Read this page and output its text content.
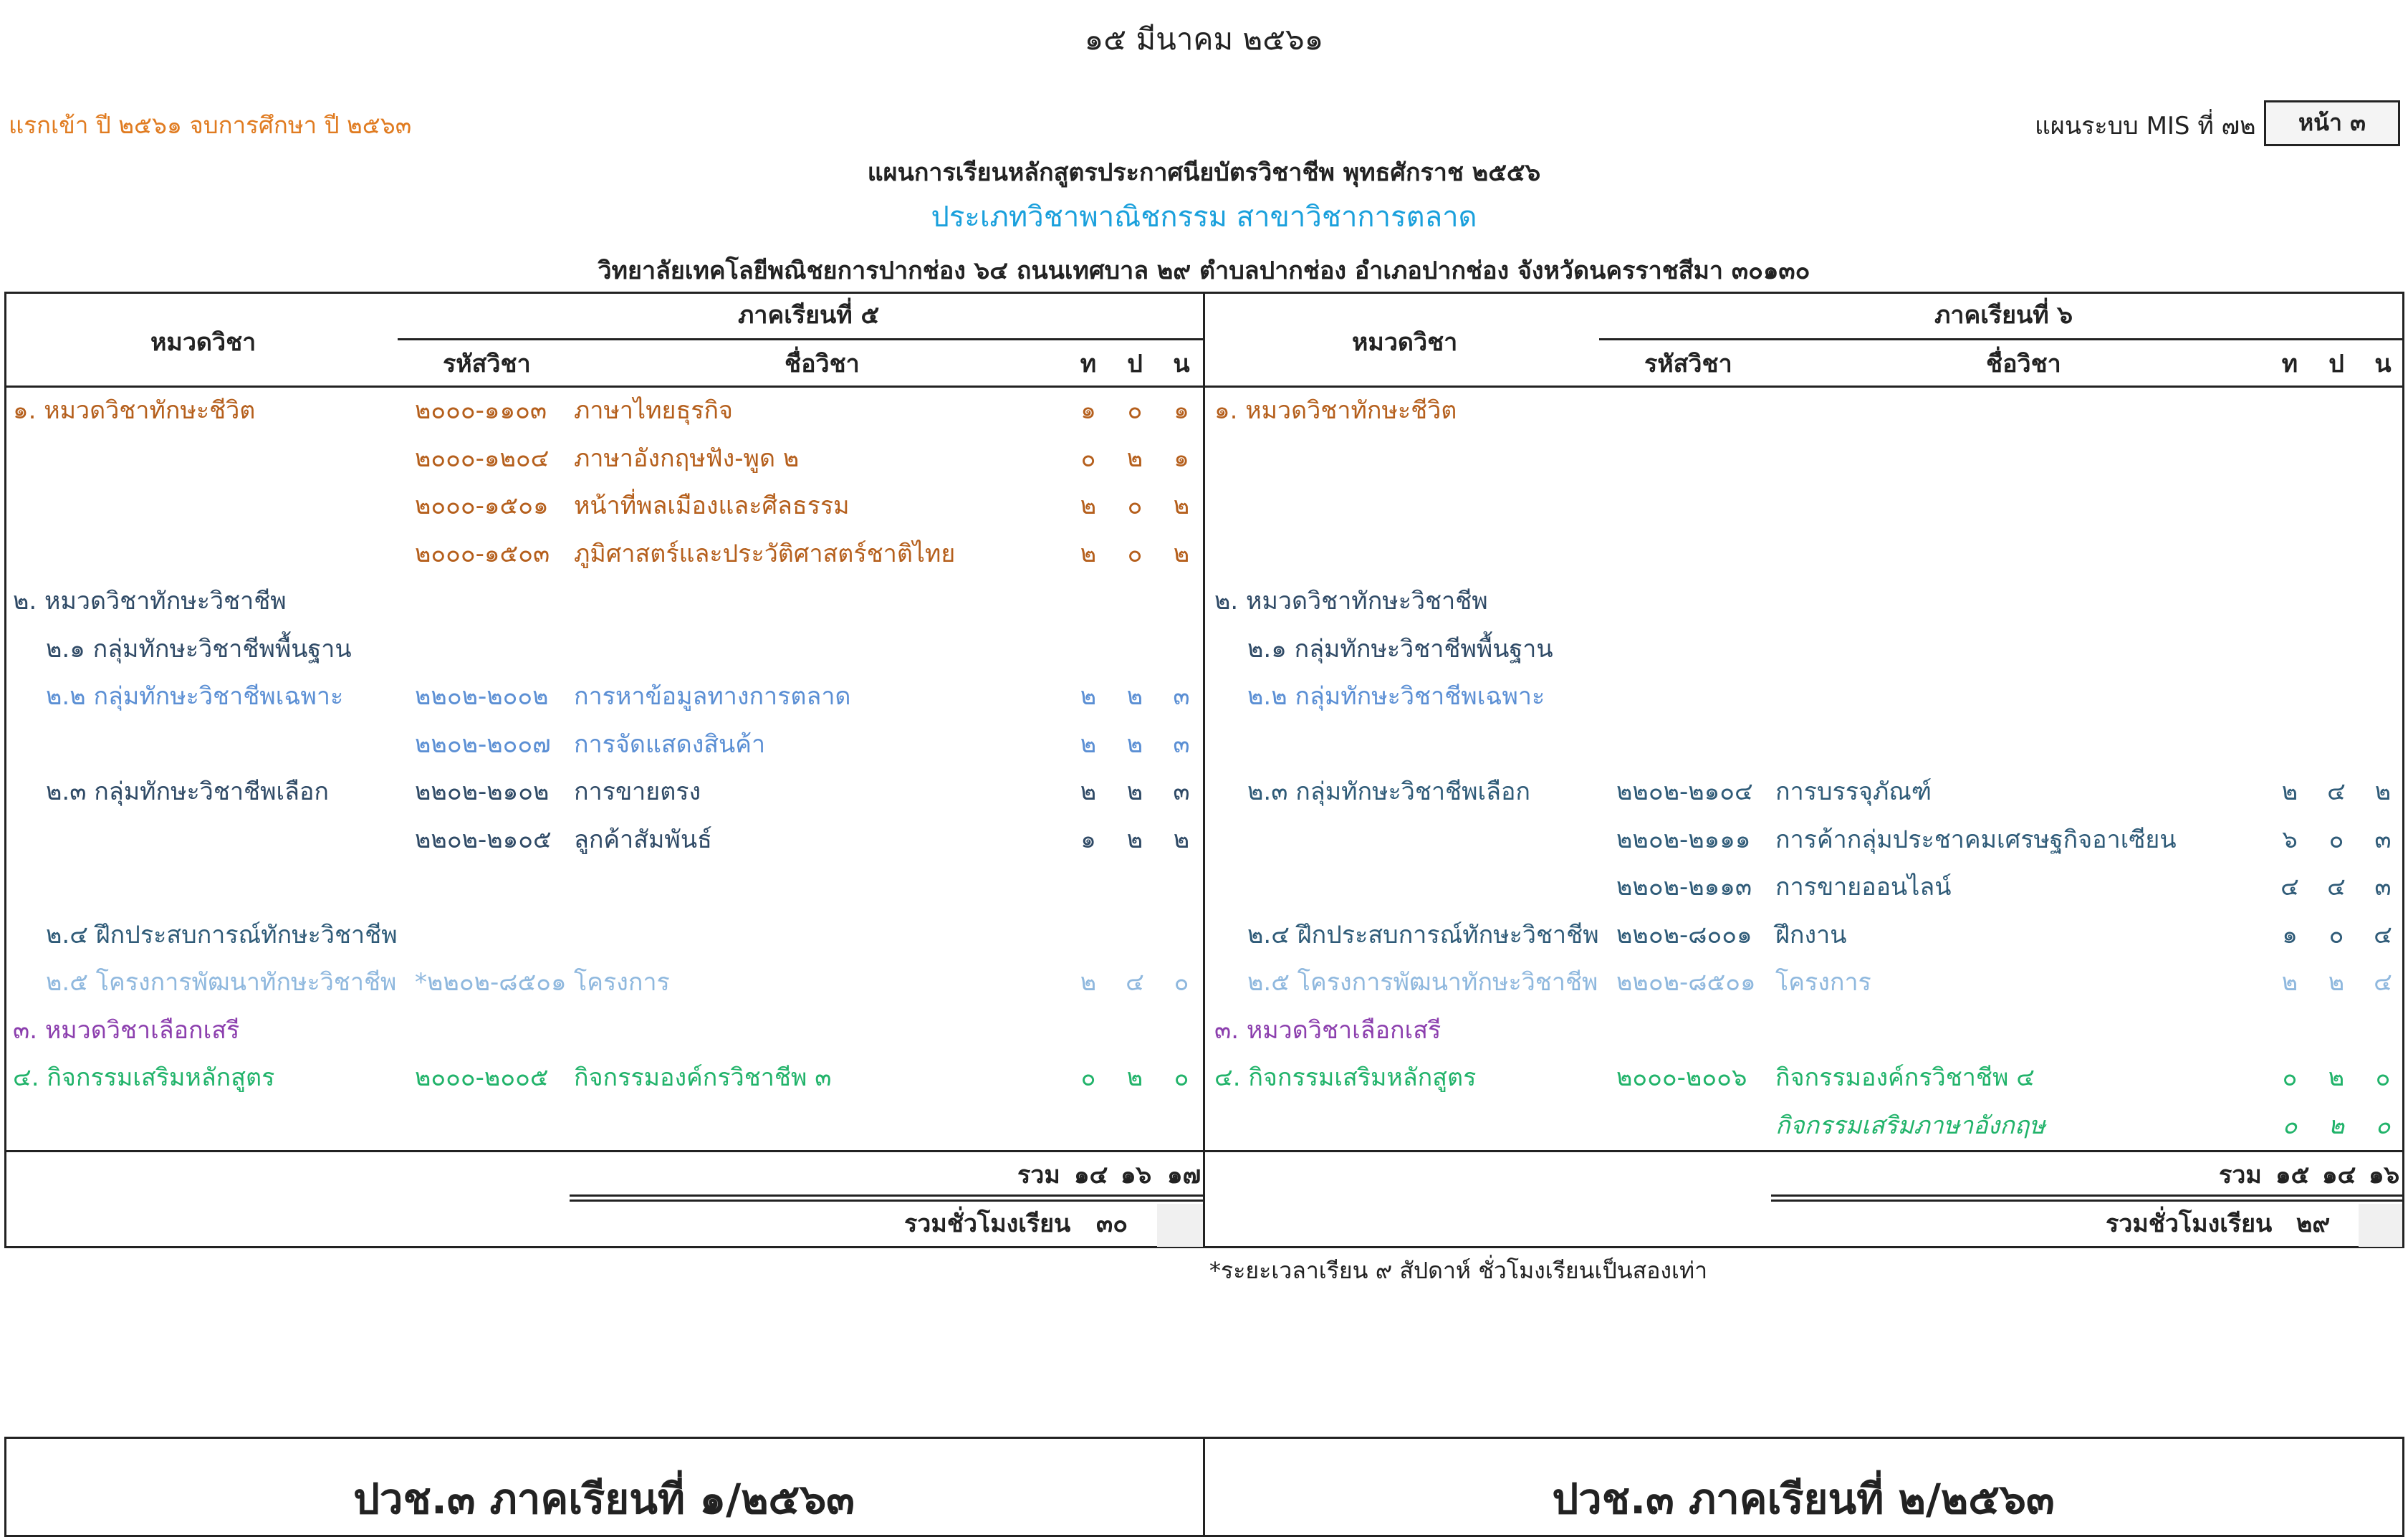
๑๕ มีนาคม ๒๕๖๑
แรกเข้า ปี ๒๕๖๑ จบการศึกษา ปี ๒๕๖๓	แผนระบบ MIS ที่ ๗๒	หน้า ๓
แผนการเรียนหลักสูตรประกาศนียบัตรวิชาชีพ พุทธศักราช ๒๕๕๖
ประเภทวิชาพาณิชกรรม สาขาวิชาการตลาด
วิทยาลัยเทคโลยีพณิชยการปากช่อง ๖๔ ถนนเทศบาล ๒๙ ตำบลปากช่อง อำเภอปากช่อง จังหวัดนครราชสีมา ๓๐๑๓๐
หมวดวิชา
ภาคเรียนที่ ๕
รหัสวิชา	ชื่อวิชา	ท ป น
หมวดวิชา
ภาคเรียนที่ ๖
รหัสวิชา	ชื่อวิชา	ท ป น
๑. หมวดวิชาทักษะชีวิต	๒๐๐๐-๑๑๐๓ ภาษาไทยธุรกิจ	๑ ๐ ๑
๒๐๐๐-๑๒๐๔ ภาษาอังกฤษฟัง-พูด ๒	๐ ๒ ๑
๒๐๐๐-๑๕๐๑ หน้าที่พลเมืองและศีลธรรม	๒ ๐ ๒
๒๐๐๐-๑๕๐๓ ภูมิศาสตร์และประวัติศาสตร์ชาติไทย	๒ ๐ ๒
๒. หมวดวิชาทักษะวิชาชีพ
๒.๑ กลุ่มทักษะวิชาชีพพื้นฐาน
๒.๒ กลุ่มทักษะวิชาชีพเฉพาะ	๒๒๐๒-๒๐๐๒ การหาข้อมูลทางการตลาด	๒ ๒ ๓
๒๒๐๒-๒๐๐๗ การจัดแสดงสินค้า	๒ ๒ ๓
๒.๓ กลุ่มทักษะวิชาชีพเลือก	๒๒๐๒-๒๑๐๒ การขายตรง	๒ ๒ ๓
๒๒๐๒-๒๑๐๕ ลูกค้าสัมพันธ์	๑ ๒ ๒
๒.๔ ฝึกประสบการณ์ทักษะวิชาชีพ
๒.๕ โครงการพัฒนาทักษะวิชาชีพ *๒๒๐๒-๘๕๐๑ โครงการ	๒ ๔ ๐
๓. หมวดวิชาเลือกเสรี
๔. กิจกรรมเสริมหลักสูตร	๒๐๐๐-๒๐๐๕ กิจกรรมองค์กรวิชาชีพ ๓	๐ ๒ ๐
๑. หมวดวิชาทักษะชีวิต
๒. หมวดวิชาทักษะวิชาชีพ
๒.๑ กลุ่มทักษะวิชาชีพพื้นฐาน
๒.๒ กลุ่มทักษะวิชาชีพเฉพาะ
๒.๓ กลุ่มทักษะวิชาชีพเลือก	๒๒๐๒-๒๑๐๔ การบรรจุภัณฑ์	๒ ๔ ๒
๒๒๐๒-๒๑๑๑ การค้ากลุ่มประชาคมเศรษฐกิจอาเซียน	๖ ๐ ๓
๒๒๐๒-๒๑๑๓ การขายออนไลน์	๔ ๔ ๓
๒.๔ ฝึกประสบการณ์ทักษะวิชาชีพ ๒๒๐๒-๘๐๐๑ ฝึกงาน	๑ ๐ ๔
๒.๕ โครงการพัฒนาทักษะวิชาชีพ ๒๒๐๒-๘๕๐๑ โครงการ	๒ ๒ ๔
๓. หมวดวิชาเลือกเสรี
๔. กิจกรรมเสริมหลักสูตร	๒๐๐๐-๒๐๐๖ กิจกรรมองค์กรวิชาชีพ ๔	๐ ๒ ๐
กิจกรรมเสริมภาษาอังกฤษ	๐ ๒ ๐
รวม ๑๔ ๑๖ ๑๗
รวมชั่วโมงเรียน ๓๐
รวม ๑๕ ๑๔ ๑๖
รวมชั่วโมงเรียน ๒๙
*ระยะเวลาเรียน ๙ สัปดาห์ ชั่วโมงเรียนเป็นสองเท่า
ปวช.๓ ภาคเรียนที่ ๑/๒๕๖๓	ปวช.๓ ภาคเรียนที่ ๒/๒๕๖๓
